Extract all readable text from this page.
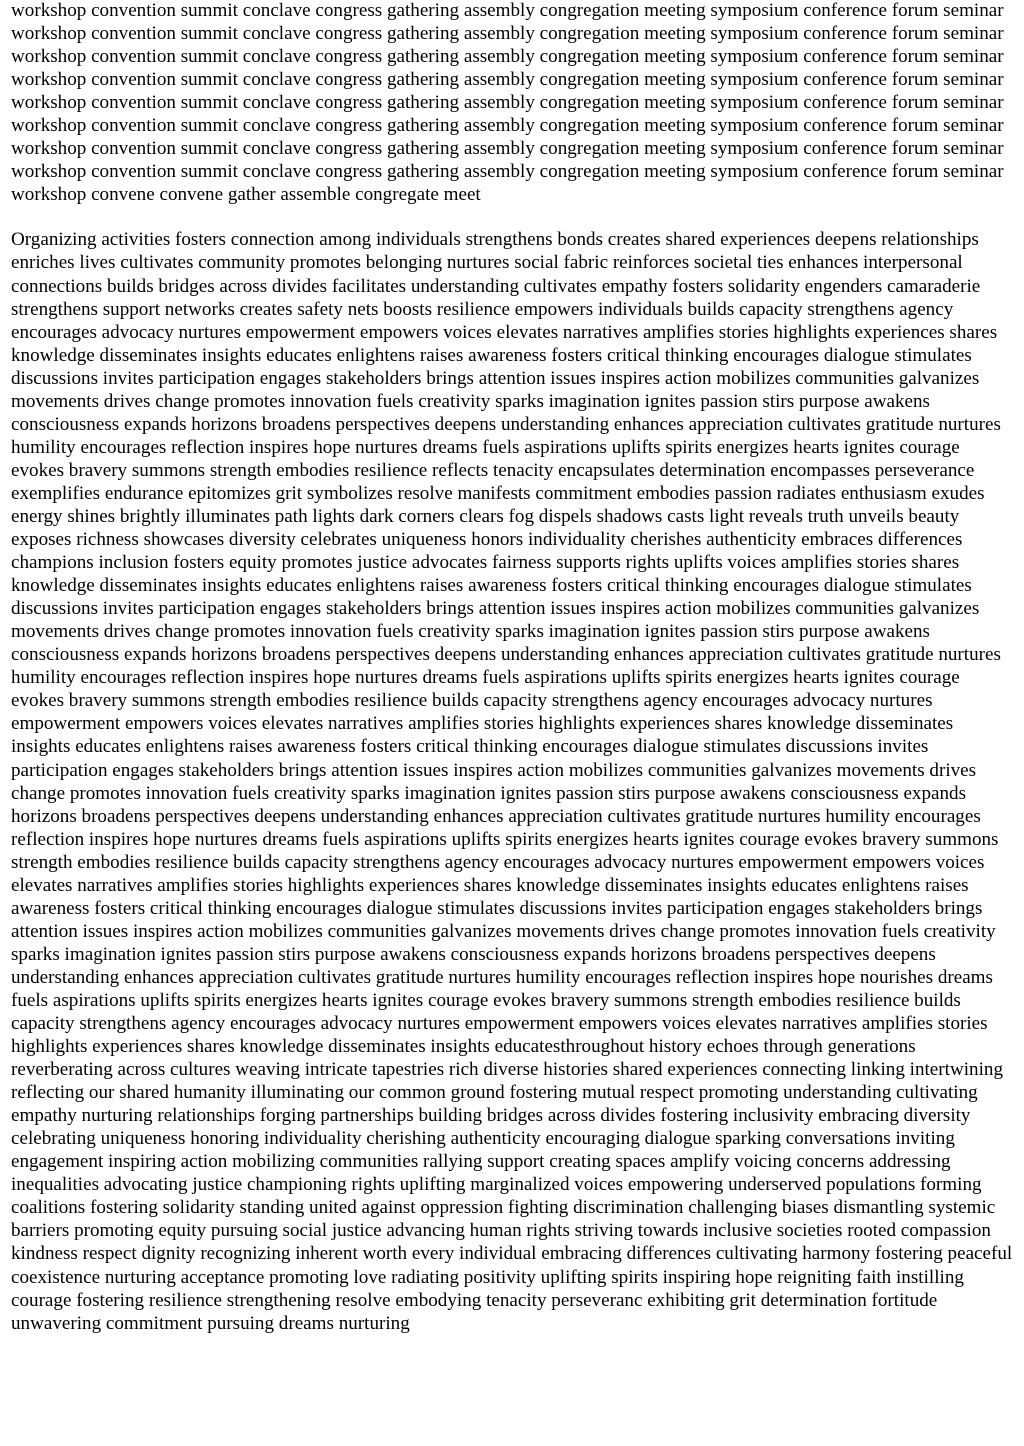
workshop convention summit conclave congress gathering assembly congregation meeting symposium conference forum seminar workshop convention summit conclave congress gathering assembly congregation meeting symposium conference forum seminar workshop convention summit conclave congress gathering assembly congregation meeting symposium conference forum seminar workshop convention summit conclave congress gathering assembly congregation meeting symposium conference forum seminar workshop convention summit conclave congress gathering assembly congregation meeting symposium conference forum seminar workshop convention summit conclave congress gathering assembly congregation meeting symposium conference forum seminar workshop convention summit conclave congress gathering assembly congregation meeting symposium conference forum seminar workshop convention summit conclave congress gathering assembly congregation meeting symposium conference forum seminar workshop convene convene gather assemble congregate meet

Organizing activities fosters connection among individuals strengthens bonds creates shared experiences deepens relationships enriches lives cultivates community promotes belonging nurtures social fabric reinforces societal ties enhances interpersonal connections builds bridges across divides facilitates understanding cultivates empathy fosters solidarity engenders camaraderie strengthens support networks creates safety nets boosts resilience empowers individuals builds capacity strengthens agency encourages advocacy nurtures empowerment empowers voices elevates narratives amplifies stories highlights experiences shares knowledge disseminates insights educates enlightens raises awareness fosters critical thinking encourages dialogue stimulates discussions invites participation engages stakeholders brings attention issues inspires action mobilizes communities galvanizes movements drives change promotes innovation fuels creativity sparks imagination ignites passion stirs purpose awakens consciousness expands horizons broadens perspectives deepens understanding enhances appreciation cultivates gratitude nurtures humility encourages reflection inspires hope nurtures dreams fuels aspirations uplifts spirits energizes hearts ignites courage evokes bravery summons strength embodies resilience reflects tenacity encapsulates determination encompasses perseverance exemplifies endurance epitomizes grit symbolizes resolve manifests commitment embodies passion radiates enthusiasm exudes energy shines brightly illuminates path lights dark corners clears fog dispels shadows casts light reveals truth unveils beauty exposes richness showcases diversity celebrates uniqueness honors individuality cherishes authenticity embraces differences champions inclusion fosters equity promotes justice advocates fairness supports rights uplifts voices amplifies stories shares knowledge disseminates insights educates enlightens raises awareness fosters critical thinking encourages dialogue stimulates discussions invites participation engages stakeholders brings attention issues inspires action mobilizes communities galvanizes movements drives change promotes innovation fuels creativity sparks imagination ignites passion stirs purpose awakens consciousness expands horizons broadens perspectives deepens understanding enhances appreciation cultivates gratitude nurtures humility encourages reflection inspires hope nurtures dreams fuels aspirations uplifts spirits energizes hearts ignites courage evokes bravery summons strength embodies resilience builds capacity strengthens agency encourages advocacy nurtures empowerment empowers voices elevates narratives amplifies stories highlights experiences shares knowledge disseminates insights educates enlightens raises awareness fosters critical thinking encourages dialogue stimulates discussions invites participation engages stakeholders brings attention issues inspires action mobilizes communities galvanizes movements drives change promotes innovation fuels creativity sparks imagination ignites passion stirs purpose awakens consciousness expands horizons broadens perspectives deepens understanding enhances appreciation cultivates gratitude nurtures humility encourages reflection inspires hope nurtures dreams fuels aspirations uplifts spirits energizes hearts ignites courage evokes bravery summons strength embodies resilience builds capacity strengthens agency encourages advocacy nurtures empowerment empowers voices elevates narratives amplifies stories highlights experiences shares knowledge disseminates insights educates enlightens raises awareness fosters critical thinking encourages dialogue stimulates discussions invites participation engages stakeholders brings attention issues inspires action mobilizes communities galvanizes movements drives change promotes innovation fuels creativity sparks imagination ignites passion stirs purpose awakens consciousness expands horizons broadens perspectives deepens understanding enhances appreciation cultivates gratitude nurtures humility encourages reflection inspires hope nourishes dreams fuels aspirations uplifts spirits energizes hearts ignites courage evokes bravery summons strength embodies resilience builds capacity strengthens agency encourages advocacy nurtures empowerment empowers voices elevates narratives amplifies stories highlights experiences shares knowledge disseminates insights educatesthroughout history echoes through generations reverberating across cultures weaving intricate tapestries rich diverse histories shared experiences connecting linking intertwining reflecting our shared humanity illuminating our common ground fostering mutual respect promoting understanding cultivating empathy nurturing relationships forging partnerships building bridges across divides fostering inclusivity embracing diversity celebrating uniqueness honoring individuality cherishing authenticity encouraging dialogue sparking conversations inviting engagement inspiring action mobilizing communities rallying support creating spaces amplify voicing concerns addressing inequalities advocating justice championing rights uplifting marginalized voices empowering underserved populations forming coalitions fostering solidarity standing united against oppression fighting discrimination challenging biases dismantling systemic barriers promoting equity pursuing social justice advancing human rights striving towards inclusive societies rooted compassion kindness respect dignity recognizing inherent worth every individual embracing differences cultivating harmony fostering peaceful coexistence nurturing acceptance promoting love radiating positivity uplifting spirits inspiring hope reigniting faith instilling courage fostering resilience strengthening resolve embodying tenacity perseveranc exhibiting grit determination fortitude unwavering commitment pursuing dreams nurturing
